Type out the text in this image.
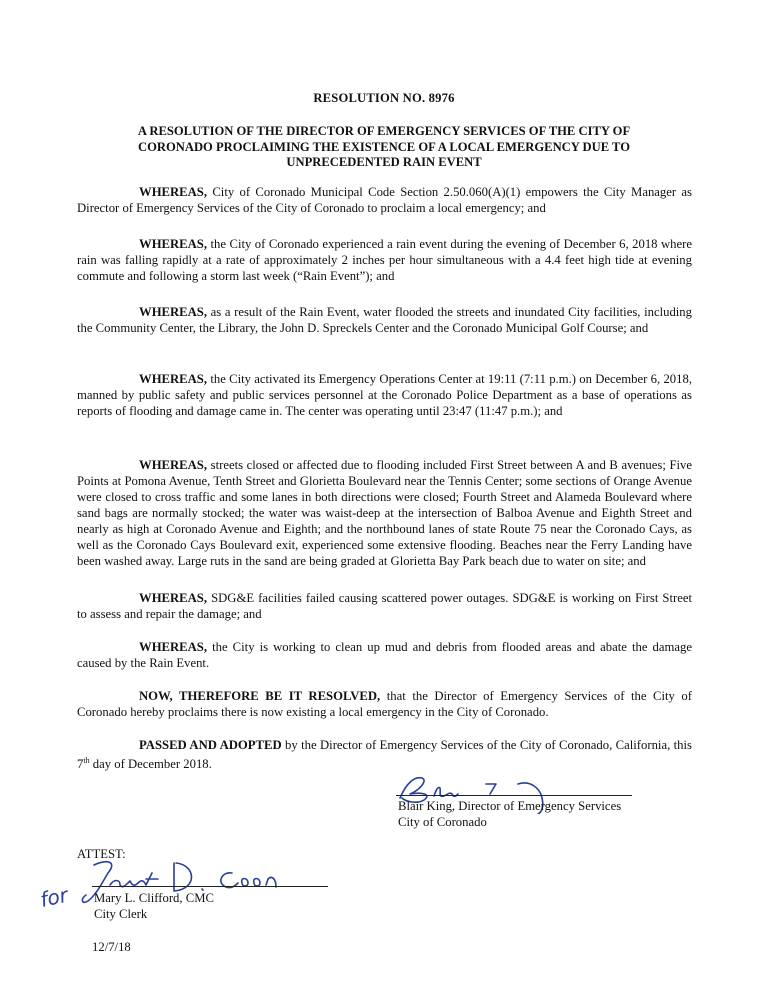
RESOLUTION NO. 8976
A RESOLUTION OF THE DIRECTOR OF EMERGENCY SERVICES OF THE CITY OF CORONADO PROCLAIMING THE EXISTENCE OF A LOCAL EMERGENCY DUE TO UNPRECEDENTED RAIN EVENT
WHEREAS, City of Coronado Municipal Code Section 2.50.060(A)(1) empowers the City Manager as Director of Emergency Services of the City of Coronado to proclaim a local emergency; and
WHEREAS, the City of Coronado experienced a rain event during the evening of December 6, 2018 where rain was falling rapidly at a rate of approximately 2 inches per hour simultaneous with a 4.4 feet high tide at evening commute and following a storm last week (“Rain Event”); and
WHEREAS, as a result of the Rain Event, water flooded the streets and inundated City facilities, including the Community Center, the Library, the John D. Spreckels Center and the Coronado Municipal Golf Course; and
WHEREAS, the City activated its Emergency Operations Center at 19:11 (7:11 p.m.) on December 6, 2018, manned by public safety and public services personnel at the Coronado Police Department as a base of operations as reports of flooding and damage came in. The center was operating until 23:47 (11:47 p.m.); and
WHEREAS, streets closed or affected due to flooding included First Street between A and B avenues; Five Points at Pomona Avenue, Tenth Street and Glorietta Boulevard near the Tennis Center; some sections of Orange Avenue were closed to cross traffic and some lanes in both directions were closed; Fourth Street and Alameda Boulevard where sand bags are normally stocked; the water was waist-deep at the intersection of Balboa Avenue and Eighth Street and nearly as high at Coronado Avenue and Eighth; and the northbound lanes of state Route 75 near the Coronado Cays, as well as the Coronado Cays Boulevard exit, experienced some extensive flooding. Beaches near the Ferry Landing have been washed away. Large ruts in the sand are being graded at Glorietta Bay Park beach due to water on site; and
WHEREAS, SDG&E facilities failed causing scattered power outages. SDG&E is working on First Street to assess and repair the damage; and
WHEREAS, the City is working to clean up mud and debris from flooded areas and abate the damage caused by the Rain Event.
NOW, THEREFORE BE IT RESOLVED, that the Director of Emergency Services of the City of Coronado hereby proclaims there is now existing a local emergency in the City of Coronado.
PASSED AND ADOPTED by the Director of Emergency Services of the City of Coronado, California, this 7th day of December 2018.
Blair King, Director of Emergency Services
City of Coronado
ATTEST:
for Mary L. Clifford, CMC
City Clerk
12/7/18
